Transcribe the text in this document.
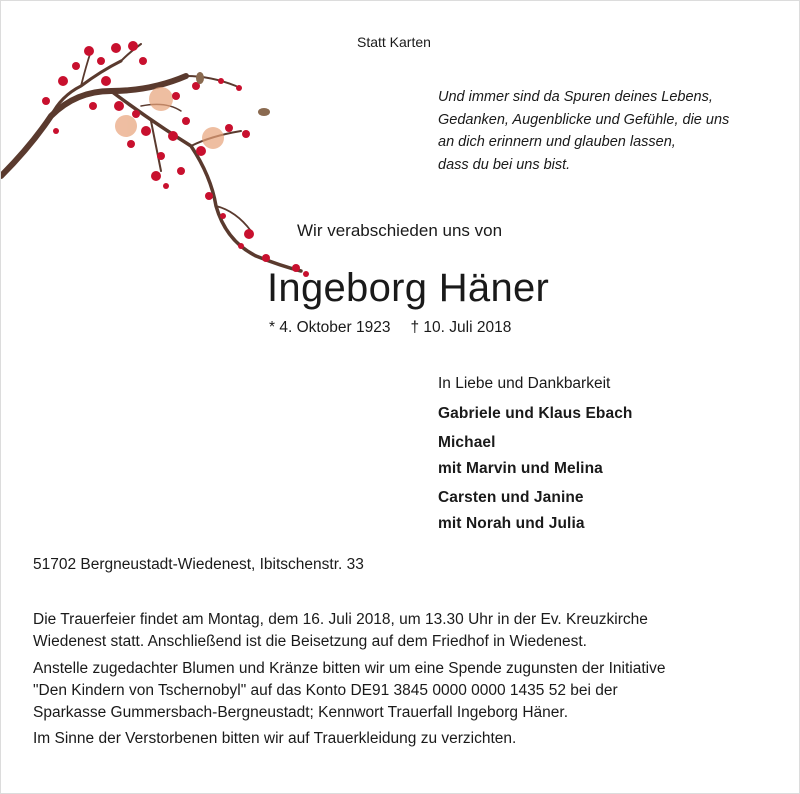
Statt Karten
Und immer sind da Spuren deines Lebens,
Gedanken, Augenblicke und Gefühle, die uns
an dich erinnern und glauben lassen,
dass du bei uns bist.
Wir verabschieden uns von
Ingeborg Häner
* 4. Oktober 1923 † 10. Juli 2018
In Liebe und Dankbarkeit
Gabriele und Klaus Ebach
Michael
mit Marvin und Melina
Carsten und Janine
mit Norah und Julia
51702 Bergneustadt-Wiedenest, Ibitschenstr. 33

Die Trauerfeier findet am Montag, dem 16. Juli 2018, um 13.30 Uhr in der Ev. Kreuzkirche
Wiedenest statt. Anschließend ist die Beisetzung auf dem Friedhof in Wiedenest.

Anstelle zugedachter Blumen und Kränze bitten wir um eine Spende zugunsten der Initiative
"Den Kindern von Tschernobyl" auf das Konto DE91 3845 0000 0000 1435 52 bei der
Sparkasse Gummersbach-Bergneustadt; Kennwort Trauerfall Ingeborg Häner.

Im Sinne der Verstorbenen bitten wir auf Trauerkleidung zu verzichten.
